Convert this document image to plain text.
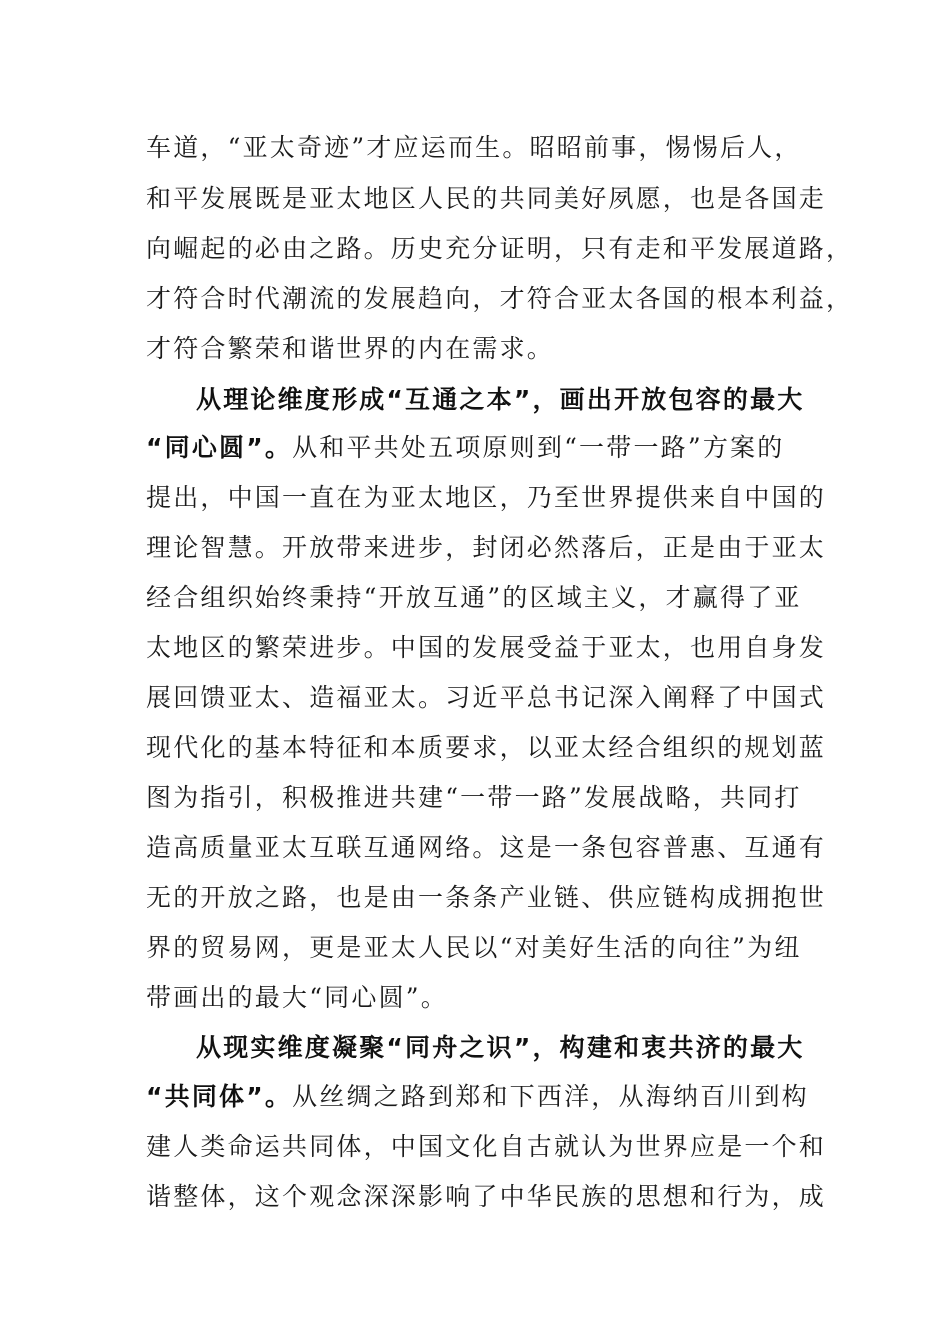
车道，“亚太奇迹”才应运而生。昭昭前事，惕惕后人，
和平发展既是亚太地区人民的共同美好夙愿，也是各国走
向崛起的必由之路。历史充分证明，只有走和平发展道路，
才符合时代潮流的发展趋向，才符合亚太各国的根本利益，
才符合繁荣和谐世界的内在需求。
从理论维度形成“互通之本”，画出开放包容的最大
“同心圆”。从和平共处五项原则到“一带一路”方案的
提出，中国一直在为亚太地区，乃至世界提供来自中国的
理论智慧。开放带来进步，封闭必然落后，正是由于亚太
经合组织始终秉持“开放互通”的区域主义，才赢得了亚
太地区的繁荣进步。中国的发展受益于亚太，也用自身发
展回馈亚太、造福亚太。习近平总书记深入阐释了中国式
现代化的基本特征和本质要求，以亚太经合组织的规划蓝
图为指引，积极推进共建“一带一路”发展战略，共同打
造高质量亚太互联互通网络。这是一条包容普惠、互通有
无的开放之路，也是由一条条产业链、供应链构成拥抱世
界的贸易网，更是亚太人民以“对美好生活的向往”为纽
带画出的最大“同心圆”。
从现实维度凝聚“同舟之识”，构建和衷共济的最大
“共同体”。从丝绸之路到郑和下西洋，从海纳百川到构
建人类命运共同体，中国文化自古就认为世界应是一个和
谐整体，这个观念深深影响了中华民族的思想和行为，成
